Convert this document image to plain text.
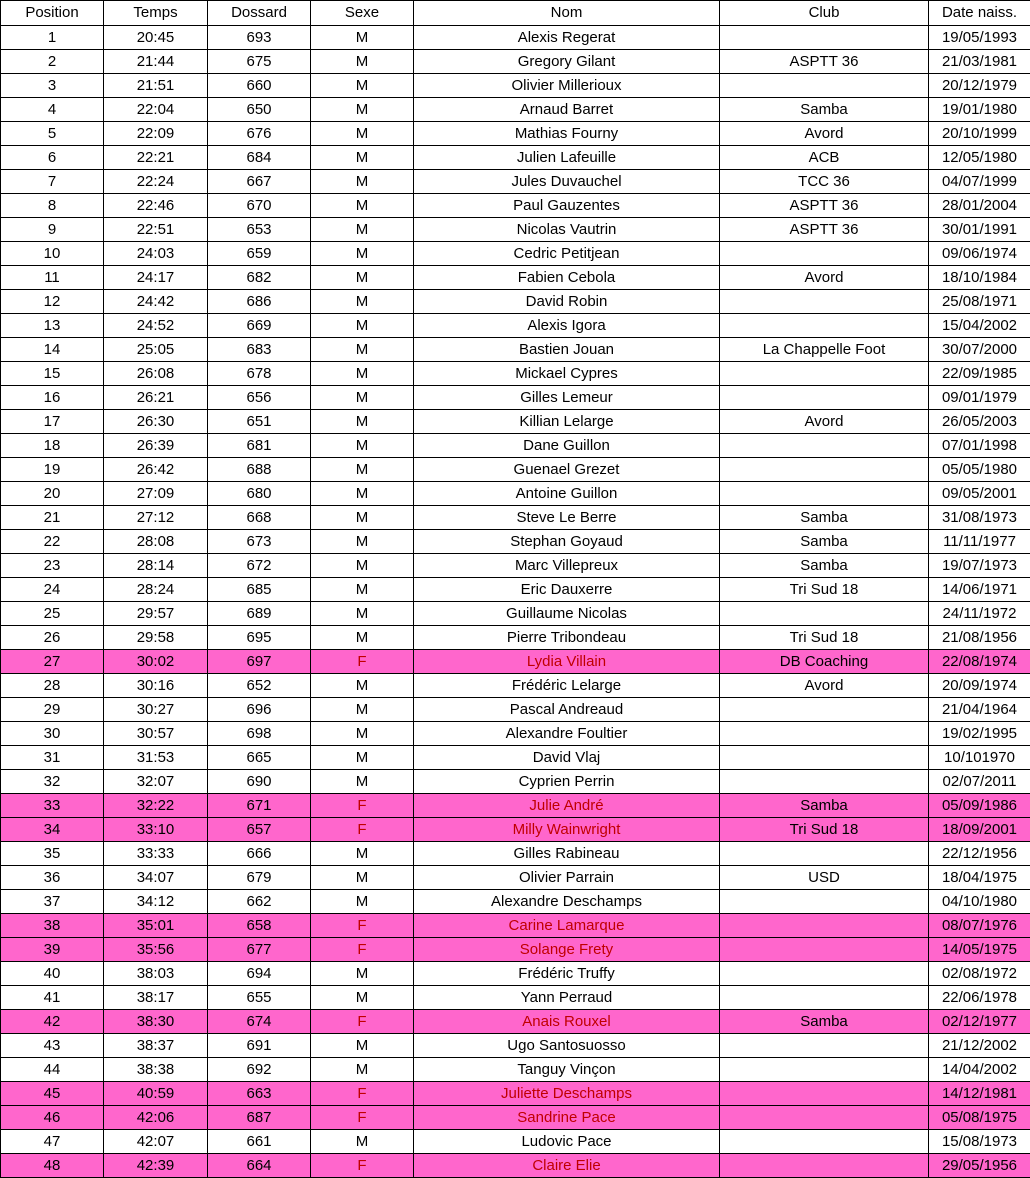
Position	Temps	Dossard	Sexe	Nom	Club	Date naiss.
1	20:45	693	M	Alexis Regerat		19/05/1993
2	21:44	675	M	Gregory Gilant	ASPTT 36	21/03/1981
3	21:51	660	M	Olivier Millerioux		20/12/1979
4	22:04	650	M	Arnaud Barret	Samba	19/01/1980
5	22:09	676	M	Mathias Fourny	Avord	20/10/1999
6	22:21	684	M	Julien Lafeuille	ACB	12/05/1980
7	22:24	667	M	Jules Duvauchel	TCC 36	04/07/1999
8	22:46	670	M	Paul Gauzentes	ASPTT 36	28/01/2004
9	22:51	653	M	Nicolas Vautrin	ASPTT 36	30/01/1991
10	24:03	659	M	Cedric Petitjean		09/06/1974
11	24:17	682	M	Fabien Cebola	Avord	18/10/1984
12	24:42	686	M	David Robin		25/08/1971
13	24:52	669	M	Alexis Igora		15/04/2002
14	25:05	683	M	Bastien Jouan	La Chappelle Foot	30/07/2000
15	26:08	678	M	Mickael Cypres		22/09/1985
16	26:21	656	M	Gilles Lemeur		09/01/1979
17	26:30	651	M	Killian Lelarge	Avord	26/05/2003
18	26:39	681	M	Dane Guillon		07/01/1998
19	26:42	688	M	Guenael Grezet		05/05/1980
20	27:09	680	M	Antoine Guillon		09/05/2001
21	27:12	668	M	Steve Le Berre	Samba	31/08/1973
22	28:08	673	M	Stephan Goyaud	Samba	11/11/1977
23	28:14	672	M	Marc Villepreux	Samba	19/07/1973
24	28:24	685	M	Eric Dauxerre	Tri Sud 18	14/06/1971
25	29:57	689	M	Guillaume Nicolas		24/11/1972
26	29:58	695	M	Pierre Tribondeau	Tri Sud 18	21/08/1956
27	30:02	697	F	Lydia Villain	DB Coaching	22/08/1974
28	30:16	652	M	Frédéric Lelarge	Avord	20/09/1974
29	30:27	696	M	Pascal Andreaud		21/04/1964
30	30:57	698	M	Alexandre Foultier		19/02/1995
31	31:53	665	M	David Vlaj		10/101970
32	32:07	690	M	Cyprien Perrin		02/07/2011
33	32:22	671	F	Julie André	Samba	05/09/1986
34	33:10	657	F	Milly Wainwright	Tri Sud 18	18/09/2001
35	33:33	666	M	Gilles Rabineau		22/12/1956
36	34:07	679	M	Olivier Parrain	USD	18/04/1975
37	34:12	662	M	Alexandre Deschamps		04/10/1980
38	35:01	658	F	Carine Lamarque		08/07/1976
39	35:56	677	F	Solange Frety		14/05/1975
40	38:03	694	M	Frédéric Truffy		02/08/1972
41	38:17	655	M	Yann Perraud		22/06/1978
42	38:30	674	F	Anais Rouxel	Samba	02/12/1977
43	38:37	691	M	Ugo Santosuosso		21/12/2002
44	38:38	692	M	Tanguy Vinçon		14/04/2002
45	40:59	663	F	Juliette Deschamps		14/12/1981
46	42:06	687	F	Sandrine Pace		05/08/1975
47	42:07	661	M	Ludovic Pace		15/08/1973
48	42:39	664	F	Claire Elie		29/05/1956
